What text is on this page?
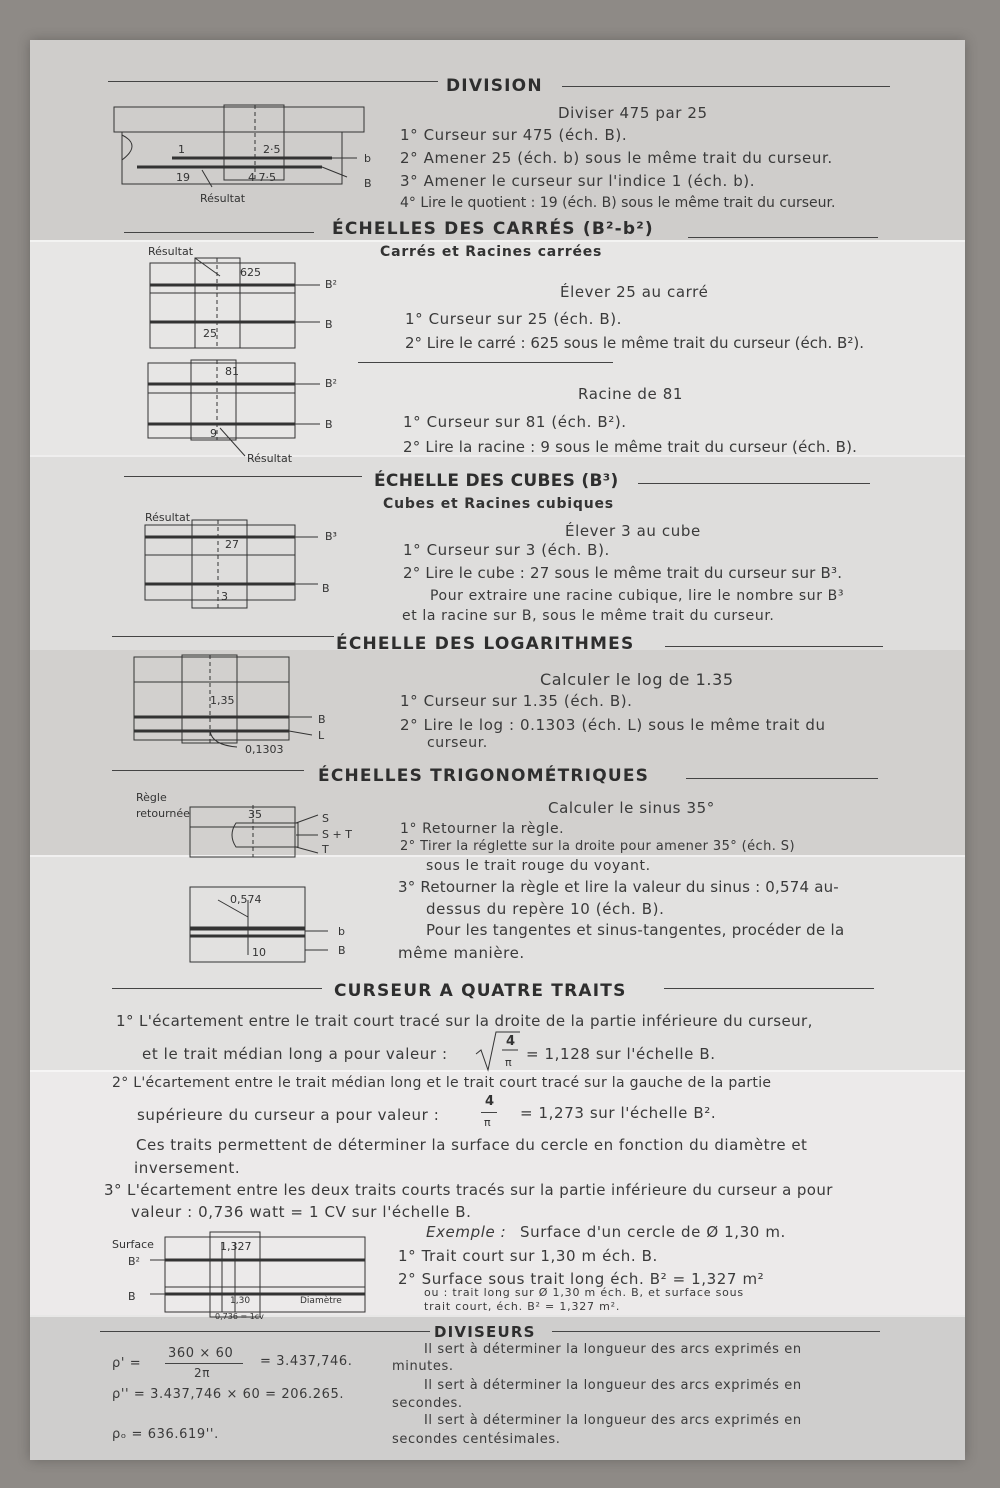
DIVISION
1	2·5
19	4 7·5
b
B
Résultat
Diviser 475 par 25
1° Curseur sur 475 (éch. B).
2° Amener 25 (éch. b) sous le même trait du curseur.
3° Amener le curseur sur l'indice 1 (éch. b).
4° Lire le quotient : 19 (éch. B) sous le même trait du curseur.
ÉCHELLES DES CARRÉS (B²-b²)
Carrés et Racines carrées
Résultat
625
B²
25
B
81
B²
9
B
Résultat
Élever 25 au carré
1° Curseur sur 25 (éch. B).
2° Lire le carré : 625 sous le même trait du curseur (éch. B²).
Racine de 81
1° Curseur sur 81 (éch. B²).
2° Lire la racine : 9 sous le même trait du curseur (éch. B).
ÉCHELLE DES CUBES (B³)
Cubes et Racines cubiques
Résultat
27
B³
3
B
Élever 3 au cube
1° Curseur sur 3 (éch. B).
2° Lire le cube : 27 sous le même trait du curseur sur B³.
Pour extraire une racine cubique, lire le nombre sur B³
et la racine sur B, sous le même trait du curseur.
ÉCHELLE DES LOGARITHMES
1,35
B
L
0,1303
Calculer le log de 1.35
1° Curseur sur 1.35 (éch. B).
2° Lire le log : 0.1303 (éch. L) sous le même trait du
curseur.
ÉCHELLES TRIGONOMÉTRIQUES
Règle
retournée	35	S
S + T
T
0,574
10
b
B
Calculer le sinus 35°
1° Retourner la règle.
2° Tirer la réglette sur la droite pour amener 35° (éch. S)
sous le trait rouge du voyant.
3° Retourner la règle et lire la valeur du sinus : 0,574 au-
dessus du repère 10 (éch. B).
Pour les tangentes et sinus-tangentes, procéder de la
même manière.
CURSEUR A QUATRE TRAITS
1° L'écartement entre le trait court tracé sur la droite de la partie inférieure du curseur,
et le trait médian long a pour valeur :
4
π = 1,128 sur l'échelle B.
2° L'écartement entre le trait médian long et le trait court tracé sur la gauche de la partie
supérieure du curseur a pour valeur :
4
π
= 1,273 sur l'échelle B².
Ces traits permettent de déterminer la surface du cercle en fonction du diamètre et
inversement.
3° L'écartement entre les deux traits courts tracés sur la partie inférieure du curseur a pour
valeur : 0,736 watt = 1 CV sur l'échelle B.
Surface
B²
1,327
B	1,30	Diamètre
0,736 = 1cv
Exemple : Surface d'un cercle de Ø 1,30 m.
1° Trait court sur 1,30 m éch. B.
2° Surface sous trait long éch. B² = 1,327 m²
ou : trait long sur Ø 1,30 m éch. B, et surface sous
trait court, éch. B² = 1,327 m².
DIVISEURS
ρ' =
360 × 60
2π
= 3.437,746.
ρ'' = 3.437,746 × 60 = 206.265.
ρₒ = 636.619''.
Il sert à déterminer la longueur des arcs exprimés en
minutes.
Il sert à déterminer la longueur des arcs exprimés en
secondes.
Il sert à déterminer la longueur des arcs exprimés en
secondes centésimales.
